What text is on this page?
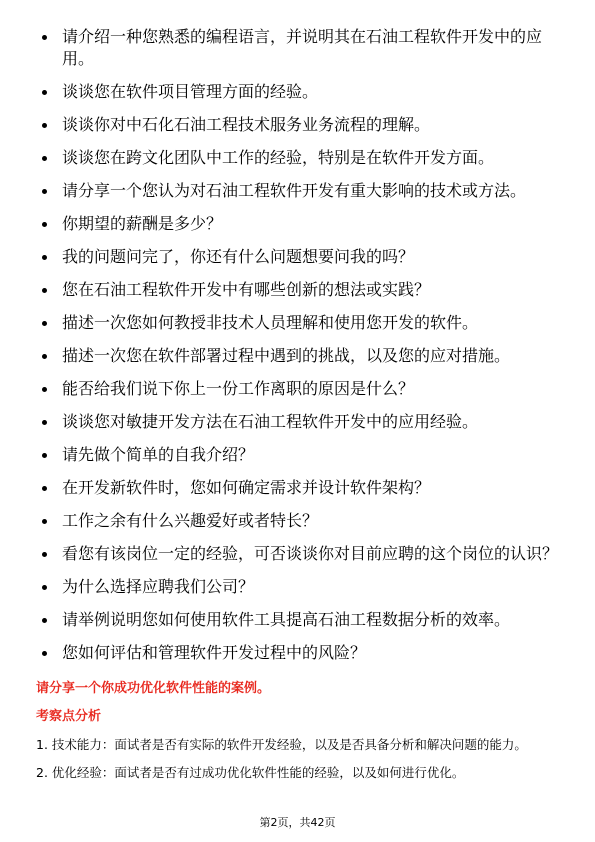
请介绍一种您熟悉的编程语言，并说明其在石油工程软件开发中的应用。
谈谈您在软件项目管理方面的经验。
谈谈你对中石化石油工程技术服务业务流程的理解。
谈谈您在跨文化团队中工作的经验，特别是在软件开发方面。
请分享一个您认为对石油工程软件开发有重大影响的技术或方法。
你期望的薪酬是多少？
我的问题问完了，你还有什么问题想要问我的吗？
您在石油工程软件开发中有哪些创新的想法或实践？
描述一次您如何教授非技术人员理解和使用您开发的软件。
描述一次您在软件部署过程中遇到的挑战，以及您的应对措施。
能否给我们说下你上一份工作离职的原因是什么？
谈谈您对敏捷开发方法在石油工程软件开发中的应用经验。
请先做个简单的自我介绍？
在开发新软件时，您如何确定需求并设计软件架构？
工作之余有什么兴趣爱好或者特长？
看您有该岗位一定的经验，可否谈谈你对目前应聘的这个岗位的认识？
为什么选择应聘我们公司？
请举例说明您如何使用软件工具提高石油工程数据分析的效率。
您如何评估和管理软件开发过程中的风险？
请分享一个你成功优化软件性能的案例。
考察点分析
1. 技术能力：面试者是否有实际的软件开发经验，以及是否具备分析和解决问题的能力。
2. 优化经验：面试者是否有过成功优化软件性能的经验，以及如何进行优化。
第2页，共42页
